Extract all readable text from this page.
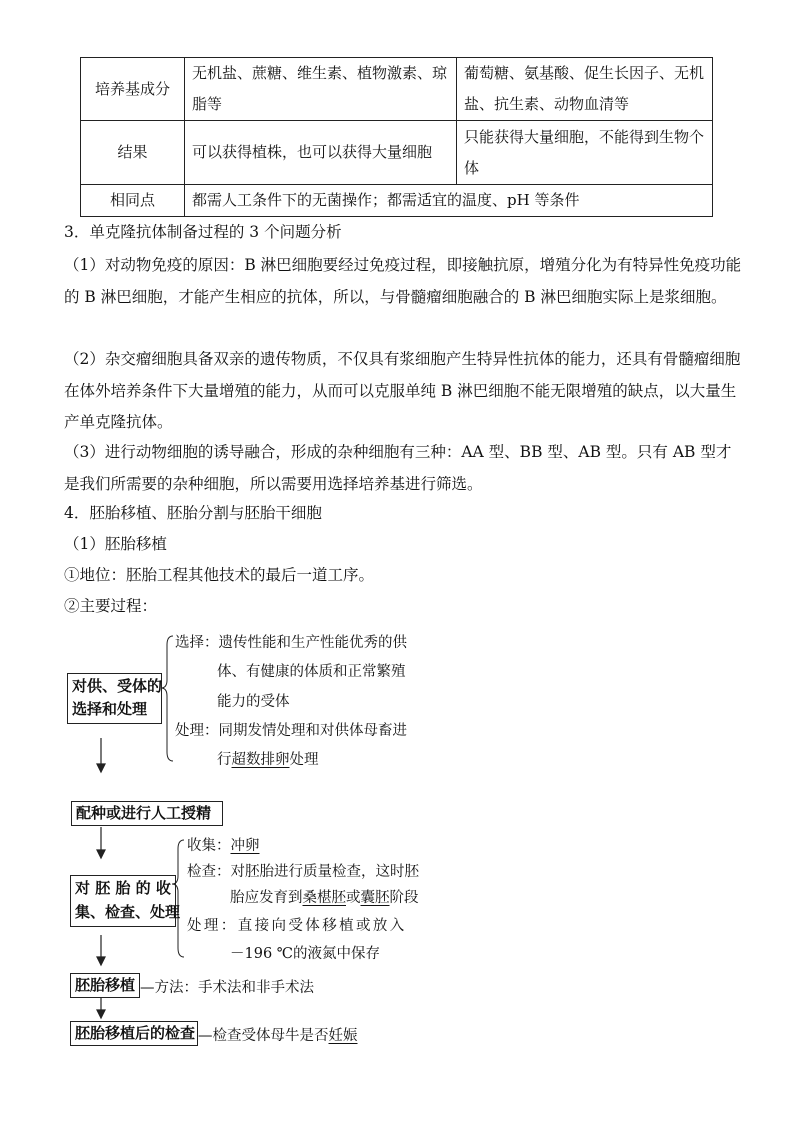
培养基成分	无机盐、蔗糖、维生素、植物激素、琼脂等	葡萄糖、氨基酸、促生长因子、无机盐、抗生素、动物血清等
结果	可以获得植株，也可以获得大量细胞	只能获得大量细胞，不能得到生物个体
相同点	都需人工条件下的无菌操作；都需适宜的温度、pH 等条件	
3．单克隆抗体制备过程的 3 个问题分析
（1）对动物免疫的原因：B 淋巴细胞要经过免疫过程，即接触抗原，增殖分化为有特异性免疫功能的 B 淋巴细胞，才能产生相应的抗体，所以，与骨髓瘤细胞融合的 B 淋巴细胞实际上是浆细胞。
（2）杂交瘤细胞具备双亲的遗传物质，不仅具有浆细胞产生特异性抗体的能力，还具有骨髓瘤细胞在体外培养条件下大量增殖的能力，从而可以克服单纯 B 淋巴细胞不能无限增殖的缺点，以大量生产单克隆抗体。
（3）进行动物细胞的诱导融合，形成的杂种细胞有三种：AA 型、BB 型、AB 型。只有 AB 型才是我们所需要的杂种细胞，所以需要用选择培养基进行筛选。
4．胚胎移植、胚胎分割与胚胎干细胞
（1）胚胎移植
①地位：胚胎工程其他技术的最后一道工序。
②主要过程：
对供、受体的
选择和处理
选择：遗传性能和生产性能优秀的供
体、有健康的体质和正常繁殖
能力的受体
处理：同期发情处理和对供体母畜进
行超数排卵处理
配种或进行人工授精
对 胚 胎 的 收
集、检查、处理
收集：冲卵
检查：对胚胎进行质量检查，这时胚
胎应发育到桑椹胚或囊胚阶段
处理：直接向受体移植或放入
－196 ℃的液氮中保存
胚胎移植 —方法：手术法和非手术法
胚胎移植后的检查 —检查受体母牛是否妊娠
